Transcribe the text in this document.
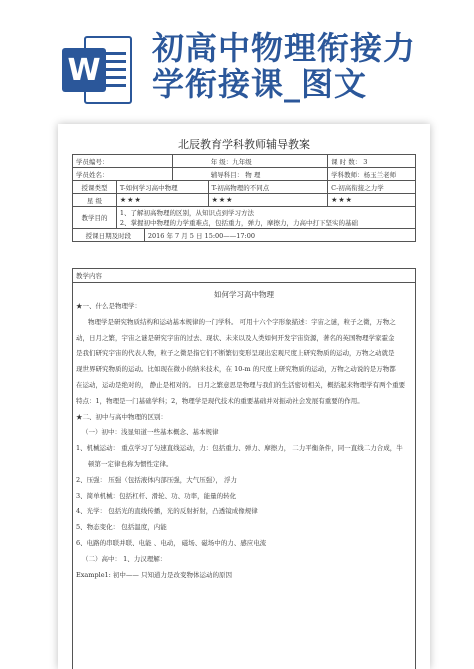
W
初高中物理衔接力
学衔接课_图文
北辰教育学科教师辅导教案
学员编号：			年 级：九年级		课 时 数： 3
学员姓名：			辅导科目： 物 理		学科教师：杨玉兰老师
授课类型	T-如何学习高中物理			T-初高物理的不同点	C-初高衔接之力学
星 级	★★★			★★★	★★★
教学目的	1、了解初高物理的区别，从知识点到学习方法
2、掌握初中物理的力学重难点，包括重力，弹力，摩擦力，力高中打下坚实的基础				

授课日期及时段		2016 年 7 月 5 日 15:00——17:00			
教学内容
如何学习高中物理

★一、什么是物理学：

物理学是研究物质结构和运动基本规律的一门学科。 可用十六个字形象描述：宇宙之谜，粒子之微，万物之

动，日月之繁，宇宙之谜是研究宇宙的过去、现状、未来以及人类如何开发宇宙资源，著名的英国物理学家霍金

是我们研究宇宙的代表人物，粒子之微是指它们不断繁衍变形呈现出宏观尺度上研究物质的运动，万物之动就是

现世界研究物质的运动。比如现在微小的纳米技术，在 10-m 的尺度上研究物质的运动，万物之动说的是万物都

在运动，运动是绝对的， 静止是相对的。 日月之繁意思是物理与我们的生活密切相关，概括起来物理学有两个重要

特点：1，物理是一门基础学科；2，物理学是现代技术的重要基础并对振动社会发展有重要的作用。

★二、初中与高中物理的区别：

（一）初中：浅显知道一些基本概念、基本规律

1、机械运动： 重点学习了匀速直线运动，力：包括重力、弹力、摩擦力， 二力平衡条件，同一直线二力合成，牛

顿第一定律也称为惯性定律。

2、压强： 压强（包括液体内部压强，大气压强）， 浮力

3、简单机械：包括杠杆、滑轮、功、功率，能量的转化

4、光学： 包括光的直线传播，光的反射折射，凸透镜成像规律

5、物态变化： 包括温度，内能

6、电路的串联并联、电能 、电动， 磁场、磁场中的力、感应电流

（二）高中： 1、力汉理解：

Example1: 初中—— 只知道力是改变物体运动的原因
